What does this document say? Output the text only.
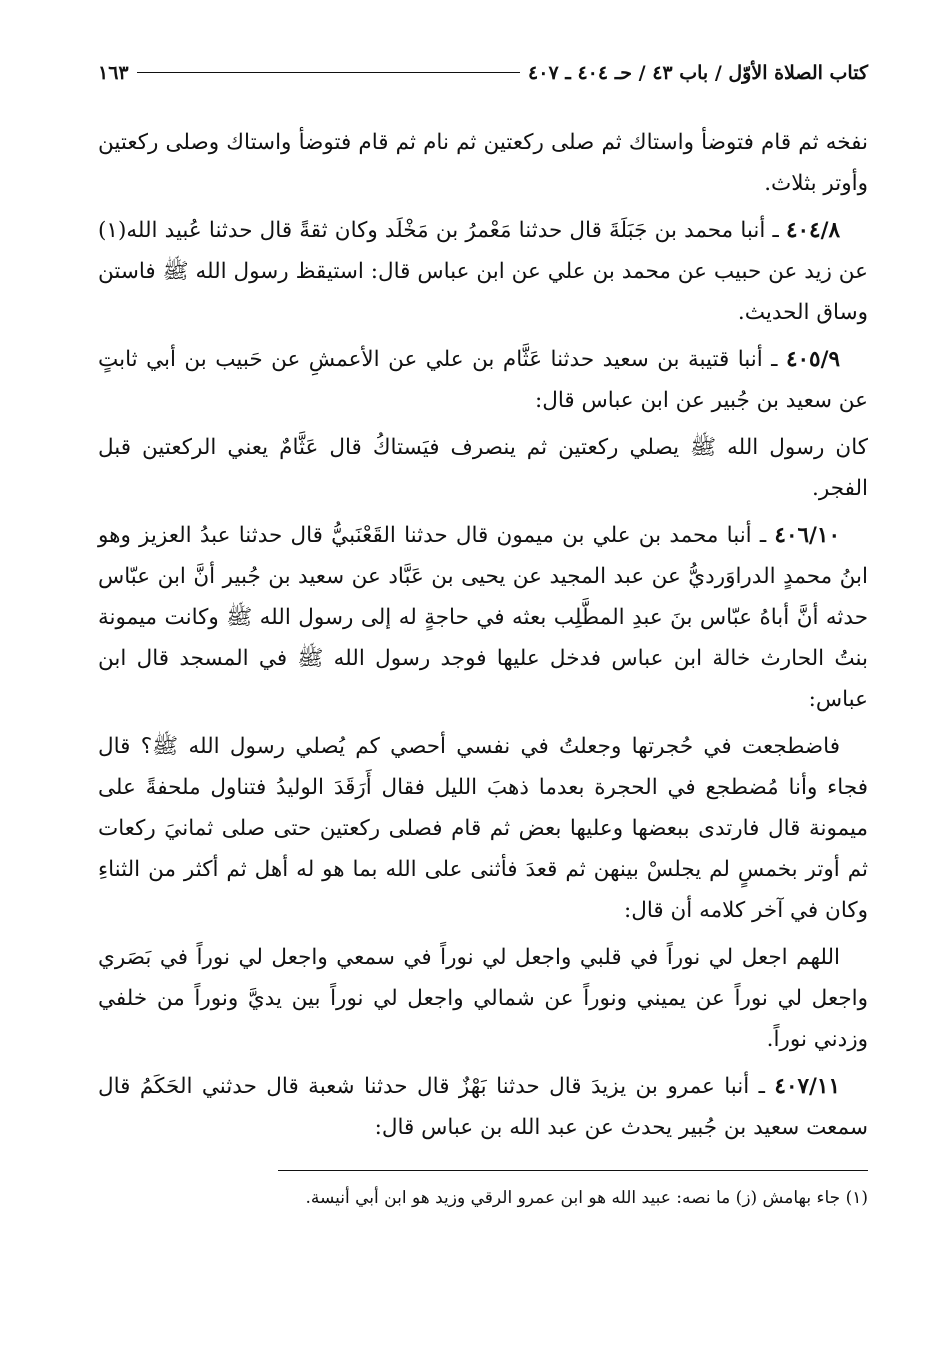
كتاب الصلاة الأوّل / باب ٤٣ / حـ ٤٠٤ ـ ٤٠٧
١٦٣

نفخه ثم قام فتوضأ واستاك ثم صلى ركعتين ثم نام ثم قام فتوضأ واستاك وصلى ركعتين وأوتر بثلاث.

٤٠٤/٨ ـ أنبا محمد بن جَبَلَةَ قال حدثنا مَعْمرُ بن مَخْلَد وكان ثقةً قال حدثنا عُبيد الله(١) عن زيد عن حبيب عن محمد بن علي عن ابن عباس قال: استيقظ رسول الله ﷺ فاستن وساق الحديث.

٤٠٥/٩ ـ أنبا قتيبة بن سعيد حدثنا عَثَّام بن علي عن الأعمشِ عن حَبيب بن أبي ثابتٍ عن سعيد بن جُبير عن ابن عباس قال:

كان رسول الله ﷺ يصلي ركعتين ثم ينصرف فيَستاكُ قال عَثَّامٌ يعني الركعتين قبل الفجر.

٤٠٦/١٠ ـ أنبا محمد بن علي بن ميمون قال حدثنا القَعْنَبيُّ قال حدثنا عبدُ العزيز وهو ابنُ محمدٍ الدراوَرديُّ عن عبد المجيد عن يحيى بن عَبَّاد عن سعيد بن جُبير أنَّ ابن عبّاس حدثه أنَّ أباهُ عبّاس بنَ عبدِ المطَّلِب بعثه في حاجةٍ له إلى رسول الله ﷺ وكانت ميمونة بنتُ الحارث خالة ابن عباس فدخل عليها فوجد رسول الله ﷺ في المسجد قال ابن عباس:

فاضطجعت في حُجرتها وجعلتُ في نفسي أحصي كم يُصلي رسول الله ﷺ؟ قال فجاء وأنا مُضطجع في الحجرة بعدما ذهبَ الليل فقال أَرَقَدَ الوليدُ فتناول ملحفةً على ميمونة قال فارتدى ببعضها وعليها بعض ثم قام فصلى ركعتين حتى صلى ثمانيَ ركعات ثم أوتر بخمسٍ لم يجلسْ بينهن ثم قعدَ فأثنى على الله بما هو له أهل ثم أكثر من الثناءِ وكان في آخر كلامه أن قال:

اللهم اجعل لي نوراً في قلبي واجعل لي نوراً في سمعي واجعل لي نوراً في بَصَري واجعل لي نوراً عن يميني ونوراً عن شمالي واجعل لي نوراً بين يديَّ ونوراً من خلفي وزدني نوراً.

٤٠٧/١١ ـ أنبا عمرو بن يزيدَ قال حدثنا بَهْزٌ قال حدثنا شعبة قال حدثني الحَكَمُ قال سمعت سعيد بن جُبير يحدث عن عبد الله بن عباس قال:

(١) جاء بهامش (ز) ما نصه: عبيد الله هو ابن عمرو الرقي وزيد هو ابن أبي أنيسة.
